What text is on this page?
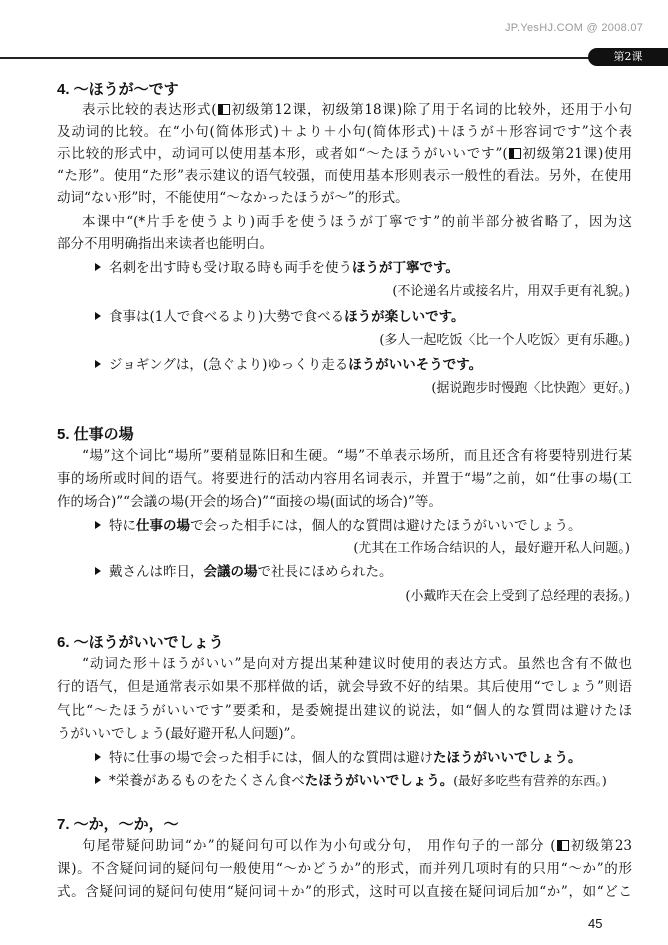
JP.YesHJ.COM @ 2008.07
第2课
4. ～ほうが～です
表示比较的表达形式( 初级第12课，初级第18课)除了用于名词的比较外，还用于小句
及动词的比较。在“小句(简体形式)＋より＋小句(简体形式)＋ほうが＋形容词です”这个表
示比较的形式中，动词可以使用基本形，或者如“～たほうがいいです”( 初级第21课)使用
“た形”。使用“た形”表示建议的语气较强，而使用基本形则表示一般性的看法。另外，在使用
动词“ない形”时，不能使用“～なかったほうが～”的形式。
本课中“(*片手を使うより)両手を使うほうが丁寧です”的前半部分被省略了，因为这
部分不用明确指出来读者也能明白。
名刺を出す時も受け取る時も両手を使うほうが丁寧です。
(不论递名片或接名片，用双手更有礼貌。)
食事は(1人で食べるより)大勢で食べるほうが楽しいです。
(多人一起吃饭〈比一个人吃饭〉更有乐趣。)
ジョギングは，(急ぐより)ゆっくり走るほうがいいそうです。
(据说跑步时慢跑〈比快跑〉更好。)
5. 仕事の場
“場”这个词比“場所”要稍显陈旧和生硬。“場”不单表示场所，而且还含有将要特别进行某
事的场所或时间的语气。将要进行的活动内容用名词表示，并置于“場”之前，如“仕事の場(工
作的场合)”“会議の場(开会的场合)”“面接の場(面试的场合)”等。
特に仕事の場で会った相手には，個人的な質問は避けたほうがいいでしょう。
(尤其在工作场合结识的人，最好避开私人问题。)
戴さんは昨日，会議の場で社長にほめられた。
(小戴昨天在会上受到了总经理的表扬。)
6. ～ほうがいいでしょう
“动词た形＋ほうがいい”是向对方提出某种建议时使用的表达方式。虽然也含有不做也
行的语气，但是通常表示如果不那样做的话，就会导致不好的结果。其后使用“でしょう”则语
气比“～たほうがいいです”要柔和，是委婉提出建议的说法，如“個人的な質問は避けたほ
うがいいでしょう(最好避开私人问题)”。
特に仕事の場で会った相手には，個人的な質問は避けたほうがいいでしょう。
*栄養があるものをたくさん食べたほうがいいでしょう。(最好多吃些有营养的东西。)
7. ～か，～か，～
句尾带疑问助词“か”的疑问句可以作为小句或分句， 用作句子的一部分 ( 初级第23
课)。不含疑问词的疑问句一般使用“～かどうか”的形式，而并列几项时有的只用“～か”的形
式。含疑问词的疑问句使用“疑问词＋か”的形式，这时可以直接在疑问词后加“か”，如“どこ
45
